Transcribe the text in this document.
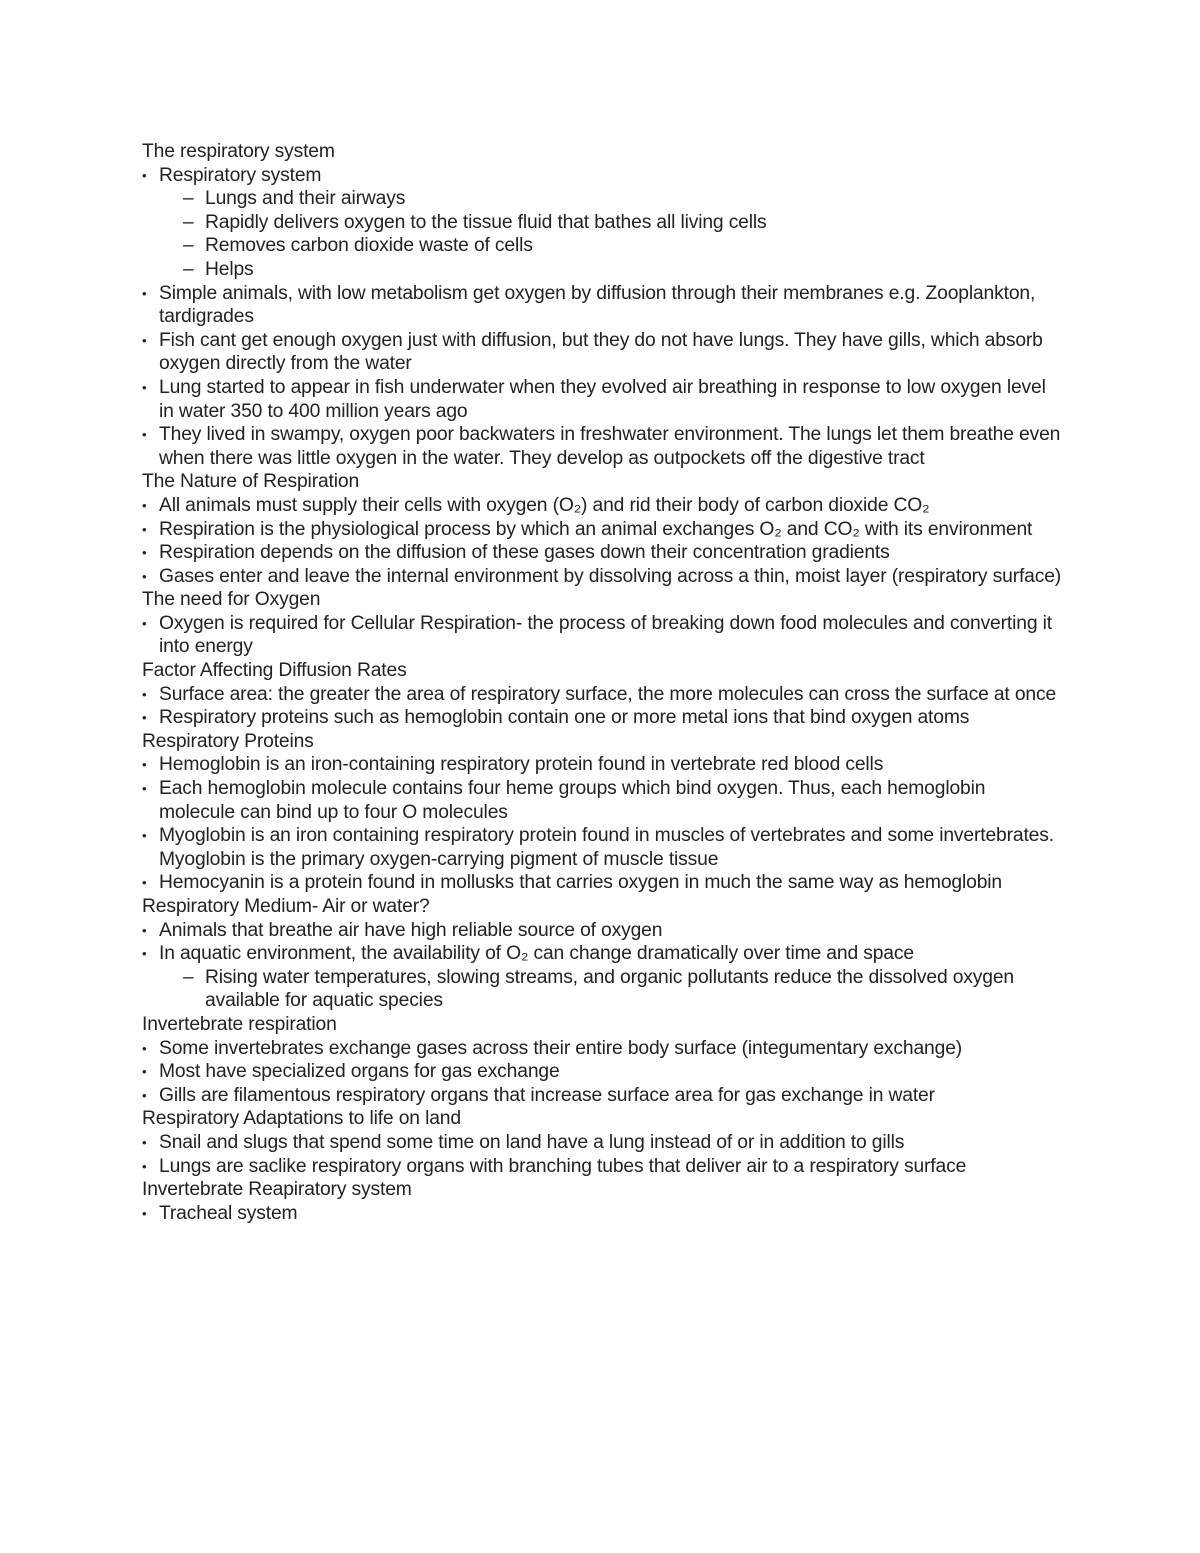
The respiratory system
• Respiratory system
– Lungs and their airways
– Rapidly delivers oxygen to the tissue fluid that bathes all living cells
– Removes carbon dioxide waste of cells
– Helps
• Simple animals, with low metabolism get oxygen by diffusion through their membranes e.g. Zooplankton, tardigrades
• Fish cant get enough oxygen just with diffusion, but they do not have lungs. They have gills, which absorb oxygen directly from the water
• Lung started to appear in fish underwater when they evolved air breathing in response to low oxygen level in water 350 to 400 million years ago
• They lived in swampy, oxygen poor backwaters in freshwater environment. The lungs let them breathe even when there was little oxygen in the water. They develop as outpockets off the digestive tract
The Nature of Respiration
• All animals must supply their cells with oxygen (O₂) and rid their body of carbon dioxide CO₂
• Respiration is the physiological process by which an animal exchanges O₂ and CO₂ with its environment
• Respiration depends on the diffusion of these gases down their concentration gradients
• Gases enter and leave the internal environment by dissolving across a thin, moist layer (respiratory surface)
The need for Oxygen
• Oxygen is required for Cellular Respiration- the process of breaking down food molecules and converting it into energy
Factor Affecting Diffusion Rates
• Surface area: the greater the area of respiratory surface, the more molecules can cross the surface at once
• Respiratory proteins such as hemoglobin contain one or more metal ions that bind oxygen atoms
Respiratory Proteins
• Hemoglobin is an iron-containing respiratory protein found in vertebrate red blood cells
• Each hemoglobin molecule contains four heme groups which bind oxygen. Thus, each hemoglobin molecule can bind up to four O molecules
• Myoglobin is an iron containing respiratory protein found in muscles of vertebrates and some invertebrates. Myoglobin is the primary oxygen-carrying pigment of muscle tissue
• Hemocyanin is a protein found in mollusks that carries oxygen in much the same way as hemoglobin
Respiratory Medium- Air or water?
• Animals that breathe air have high reliable source of oxygen
• In aquatic environment, the availability of O₂ can change dramatically over time and space
– Rising water temperatures, slowing streams, and organic pollutants reduce the dissolved oxygen available for aquatic species
Invertebrate respiration
• Some invertebrates exchange gases across their entire body surface (integumentary exchange)
• Most have specialized organs for gas exchange
• Gills are filamentous respiratory organs that increase surface area for gas exchange in water
Respiratory Adaptations to life on land
• Snail and slugs that spend some time on land have a lung instead of or in addition to gills
• Lungs are saclike respiratory organs with branching tubes that deliver air to a respiratory surface
Invertebrate Reapiratory system
• Tracheal system
